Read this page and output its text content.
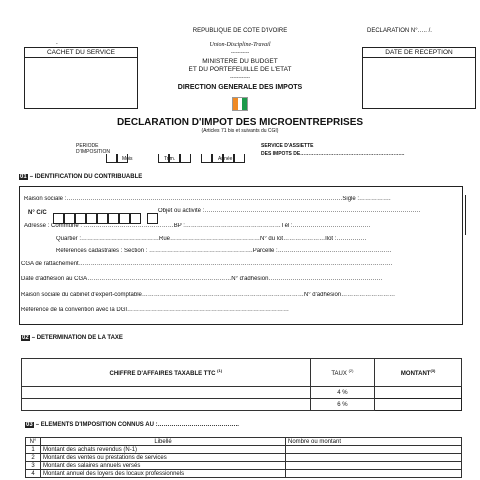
REPUBLIQUE DE COTE D'IVOIRE	DECLARATION N°….. /.
-	Union-Discipline-Travail
-----------
CACHET DU SERVICE	DATE DE RECEPTION
MINISTERE DU BUDGET
ET DU PORTEFEUILLE DE L'ETAT
------------
DIRECTION GENERALE DES IMPOTS
DECLARATION D'IMPOT DES MICROENTREPRISES
(Articles 71 bis et suivants du CGI)
PERIODE
D'IMPOSITION
Mois	Trim.	Année
SERVICE D'ASSIETTE
DES IMPOTS DE……………………………………………………...
01 – IDENTIFICATION DU CONTRIBUABLE
Raison sociale :…………………………………………………………………………………………………………………………Sigle :…………….
N° C/C	Objet ou activité :………………………………………………………………………………………………
Adresse : Commune : ………………………………………BP :…………………………………………Tél :…………………………………
Quartier :…………………………………Rue………………………………………N° du lot…………………Ilot :……………
Références cadastrales : Section : …………………………………………….Parcelle :…………………………………………………
CGA de rattachement………………………………………………………………………………………………………………………………………….
Date d'adhésion au CGA………………………………………………………………N° d'adhésion…………………………………………………
Raison sociale du cabinet d'expert-comptable………………………………………………………………………N° d'adhésion………………………
Référence de la convention avec la DGI………………………………………………………………………
02 – DETERMINATION DE LA TAXE
CHIFFRE D'AFFAIRES TAXABLE TTC $^{(1)}$	TAUX $^{(2)}$	MONTANT$^{(3)}$
	4 %	
	6 %	
03 – ELEMENTS D'IMPOSITION CONNUS AU :…………………………………..
N°	Libellé	Nombre ou montant
1	Montant des achats revendus (N-1)	
2	Montant des ventes ou prestations de services	
3	Montant des salaires annuels versés	
4	Montant annuel des loyers des locaux professionnels	
